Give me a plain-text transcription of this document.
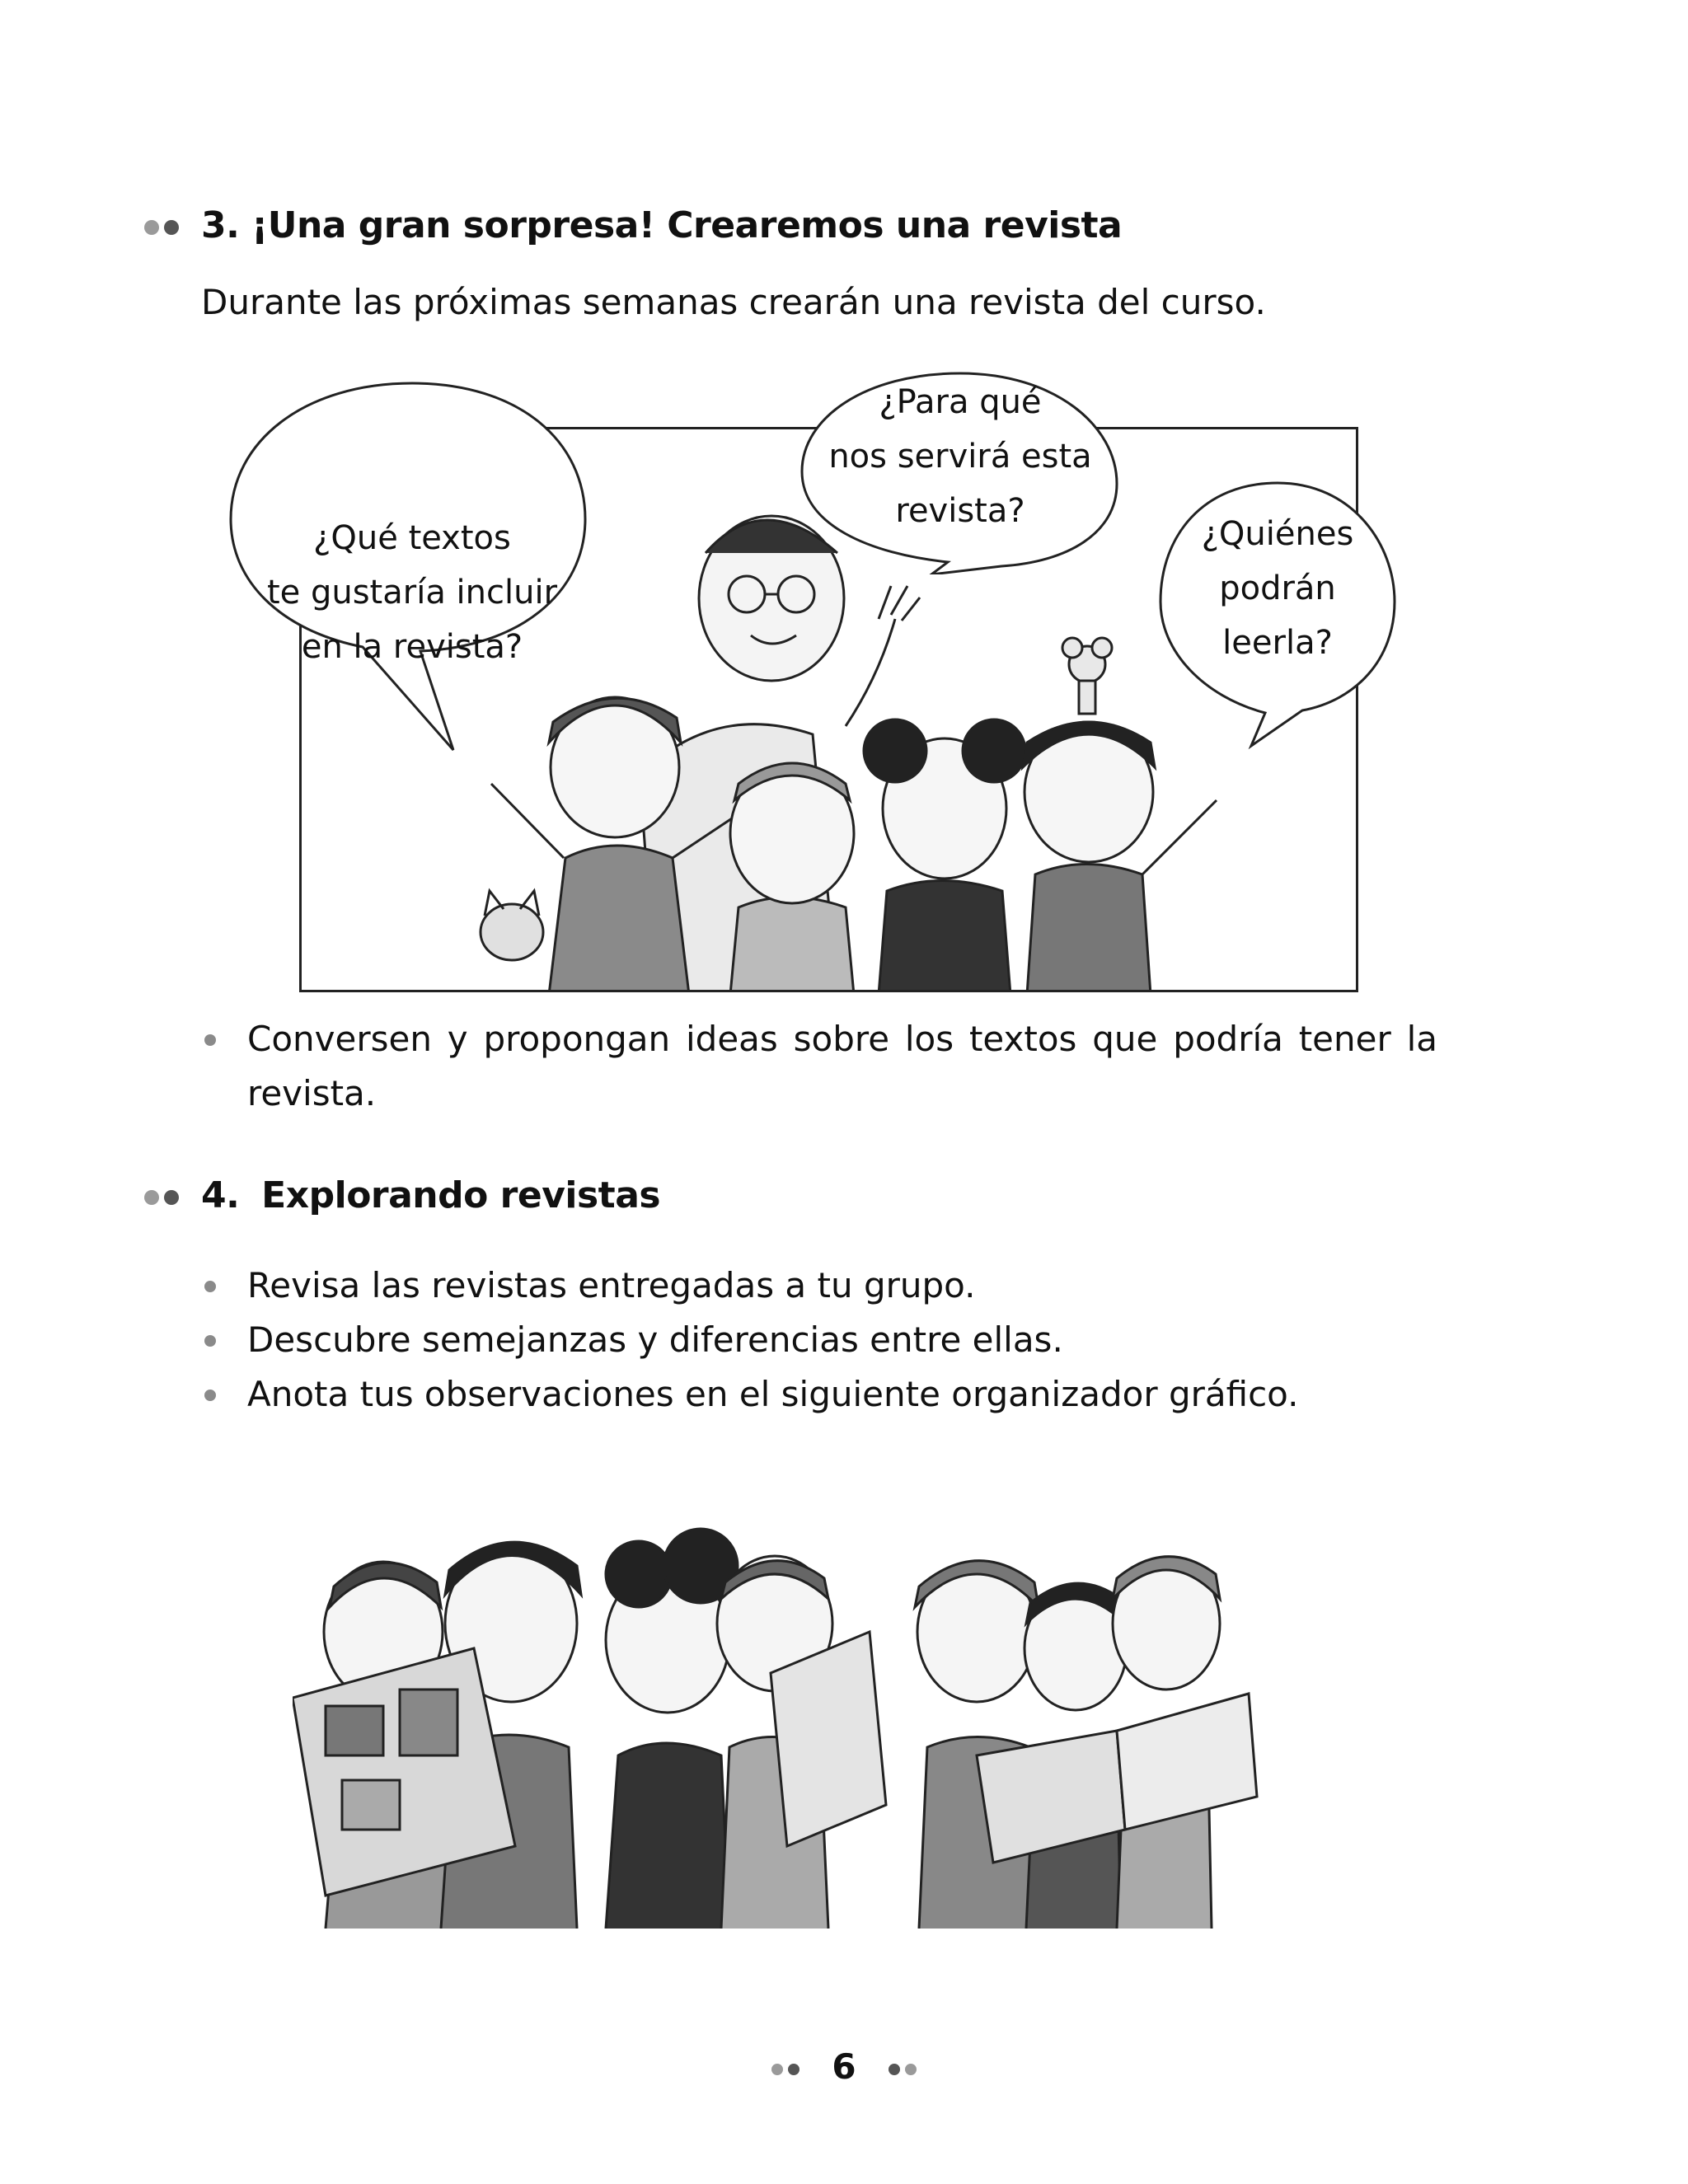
3. ¡Una gran sorpresa! Crearemos una revista
Durante las próximas semanas crearán una revista del curso.
¿Qué textos
te gustaría incluir
en la revista?
¿Para qué
nos servirá esta
revista?
¿Quiénes
podrán
leerla?
Conversen y propongan ideas sobre los textos que podría tener la
revista.
4. Explorando revistas
Revisa las revistas entregadas a tu grupo.
Descubre semejanzas y diferencias entre ellas.
Anota tus observaciones en el siguiente organizador gráfico.
6
